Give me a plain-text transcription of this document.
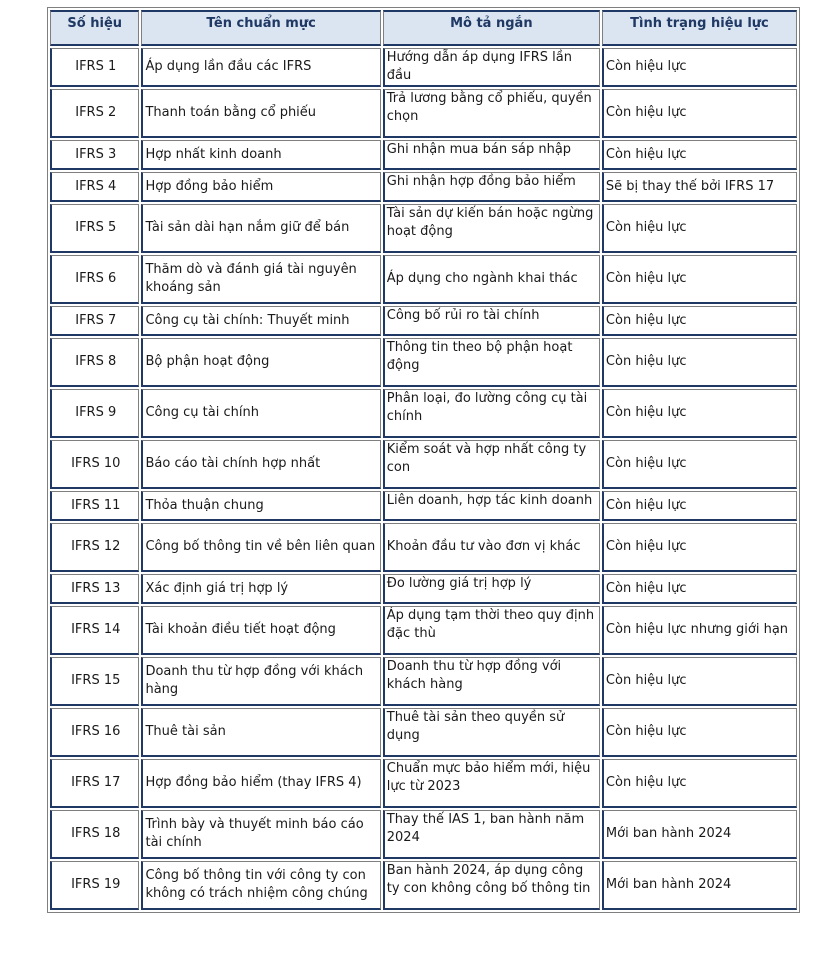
Số hiệu	Tên chuẩn mực	Mô tả ngắn	Tình trạng hiệu lực
IFRS 1	Áp dụng lần đầu các IFRS	Hướng dẫn áp dụng IFRS lần đầu	Còn hiệu lực
IFRS 2	Thanh toán bằng cổ phiếu	Trả lương bằng cổ phiếu, quyền chọn	Còn hiệu lực
IFRS 3	Hợp nhất kinh doanh	Ghi nhận mua bán sáp nhập	Còn hiệu lực
IFRS 4	Hợp đồng bảo hiểm	Ghi nhận hợp đồng bảo hiểm	Sẽ bị thay thế bởi IFRS 17
IFRS 5	Tài sản dài hạn nắm giữ để bán	Tài sản dự kiến bán hoặc ngừng hoạt động	Còn hiệu lực
IFRS 6	Thăm dò và đánh giá tài nguyên khoáng sản	Áp dụng cho ngành khai thác	Còn hiệu lực
IFRS 7	Công cụ tài chính: Thuyết minh	Công bố rủi ro tài chính	Còn hiệu lực
IFRS 8	Bộ phận hoạt động	Thông tin theo bộ phận hoạt động	Còn hiệu lực
IFRS 9	Công cụ tài chính	Phân loại, đo lường công cụ tài chính	Còn hiệu lực
IFRS 10	Báo cáo tài chính hợp nhất	Kiểm soát và hợp nhất công ty con	Còn hiệu lực
IFRS 11	Thỏa thuận chung	Liên doanh, hợp tác kinh doanh	Còn hiệu lực
IFRS 12	Công bố thông tin về bên liên quan	Khoản đầu tư vào đơn vị khác	Còn hiệu lực
IFRS 13	Xác định giá trị hợp lý	Đo lường giá trị hợp lý	Còn hiệu lực
IFRS 14	Tài khoản điều tiết hoạt động	Áp dụng tạm thời theo quy định đặc thù	Còn hiệu lực nhưng giới hạn
IFRS 15	Doanh thu từ hợp đồng với khách hàng	Doanh thu từ hợp đồng với khách hàng	Còn hiệu lực
IFRS 16	Thuê tài sản	Thuê tài sản theo quyền sử dụng	Còn hiệu lực
IFRS 17	Hợp đồng bảo hiểm (thay IFRS 4)	Chuẩn mực bảo hiểm mới, hiệu lực từ 2023	Còn hiệu lực
IFRS 18	Trình bày và thuyết minh báo cáo tài chính	Thay thế IAS 1, ban hành năm 2024	Mới ban hành 2024
IFRS 19	Công bố thông tin với công ty con không có trách nhiệm công chúng	Ban hành 2024, áp dụng công ty con không công bố thông tin	Mới ban hành 2024
